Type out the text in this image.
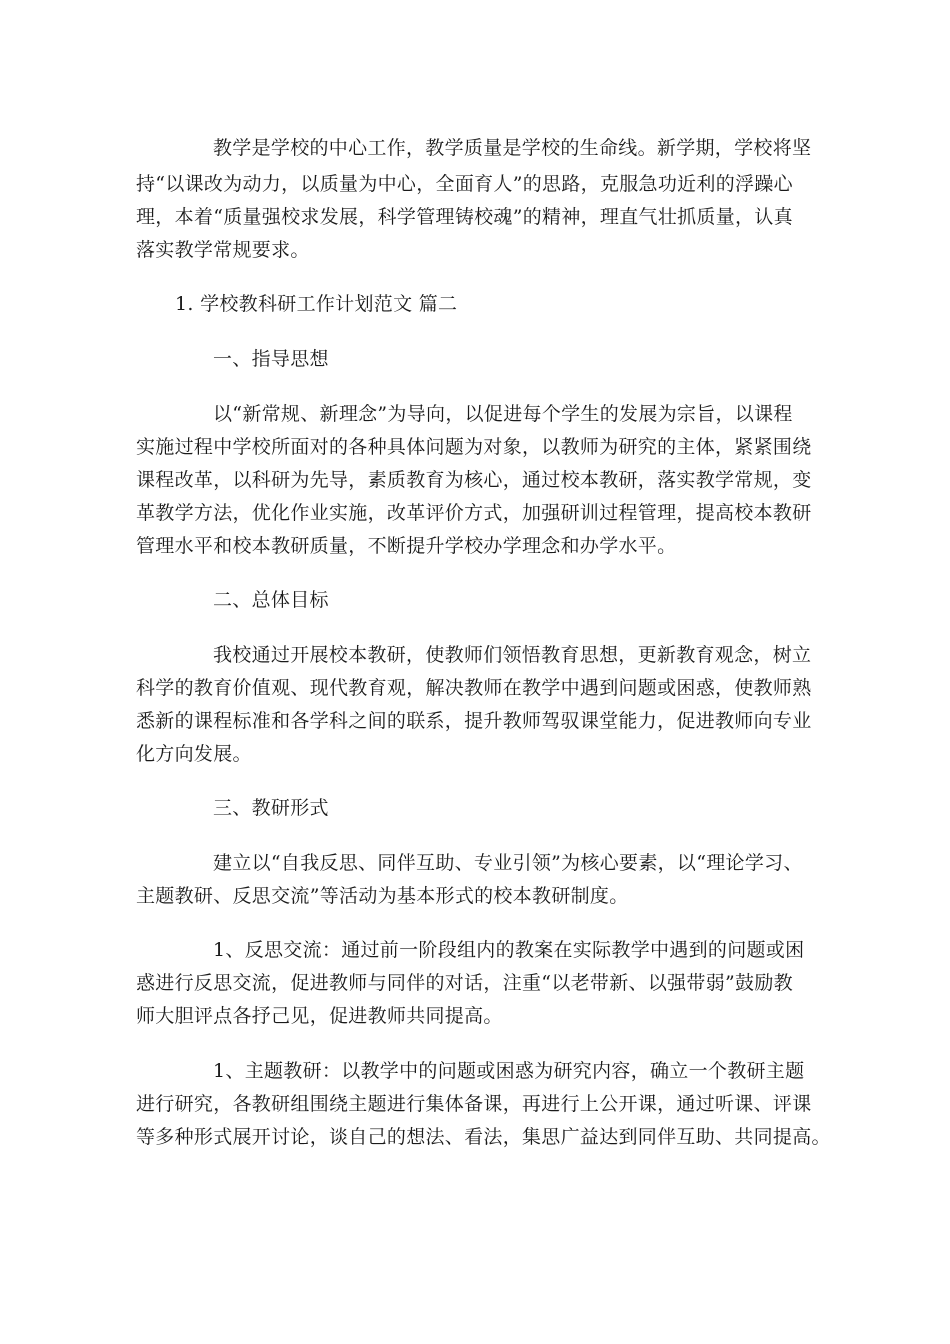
教学是学校的中心工作，教学质量是学校的生命线。新学期，学校将坚
持“以课改为动力，以质量为中心，全面育人”的思路，克服急功近利的浮躁心
理，本着“质量强校求发展，科学管理铸校魂”的精神，理直气壮抓质量，认真
落实教学常规要求。
1. 学校教科研工作计划范文 篇二
一、指导思想
以“新常规、新理念”为导向，以促进每个学生的发展为宗旨，以课程
实施过程中学校所面对的各种具体问题为对象，以教师为研究的主体，紧紧围绕
课程改革，以科研为先导，素质教育为核心，通过校本教研，落实教学常规，变
革教学方法，优化作业实施，改革评价方式，加强研训过程管理，提高校本教研
管理水平和校本教研质量，不断提升学校办学理念和办学水平。
二、总体目标
我校通过开展校本教研，使教师们领悟教育思想，更新教育观念，树立
科学的教育价值观、现代教育观，解决教师在教学中遇到问题或困惑，使教师熟
悉新的课程标准和各学科之间的联系，提升教师驾驭课堂能力，促进教师向专业
化方向发展。
三、教研形式
建立以“自我反思、同伴互助、专业引领”为核心要素，以“理论学习、
主题教研、反思交流”等活动为基本形式的校本教研制度。
1、反思交流：通过前一阶段组内的教案在实际教学中遇到的问题或困
惑进行反思交流，促进教师与同伴的对话，注重“以老带新、以强带弱”鼓励教
师大胆评点各抒己见，促进教师共同提高。
1、主题教研：以教学中的问题或困惑为研究内容，确立一个教研主题
进行研究，各教研组围绕主题进行集体备课，再进行上公开课，通过听课、评课
等多种形式展开讨论，谈自己的想法、看法，集思广益达到同伴互助、共同提高。
